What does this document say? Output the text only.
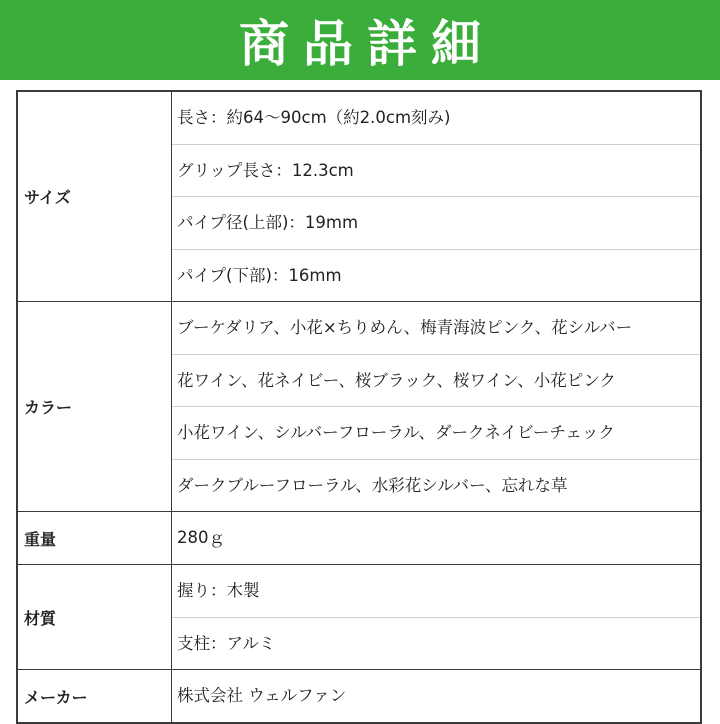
商品詳細
サイズ	長さ：約64～90cm（約2.0cm刻み)
グリップ長さ：12.3cm
パイプ径(上部)：19mm
パイプ(下部)：16mm

カラー	ブーケダリア、小花×ちりめん、梅青海波ピンク、花シルバー
花ワイン、花ネイビー、桜ブラック、桜ワイン、小花ピンク
小花ワイン、シルバーフローラル、ダークネイビーチェック
ダークブルーフローラル、水彩花シルバー、忘れな草

重量	280ｇ

材質	握り：木製
支柱：アルミ

メーカー	株式会社 ウェルファン
